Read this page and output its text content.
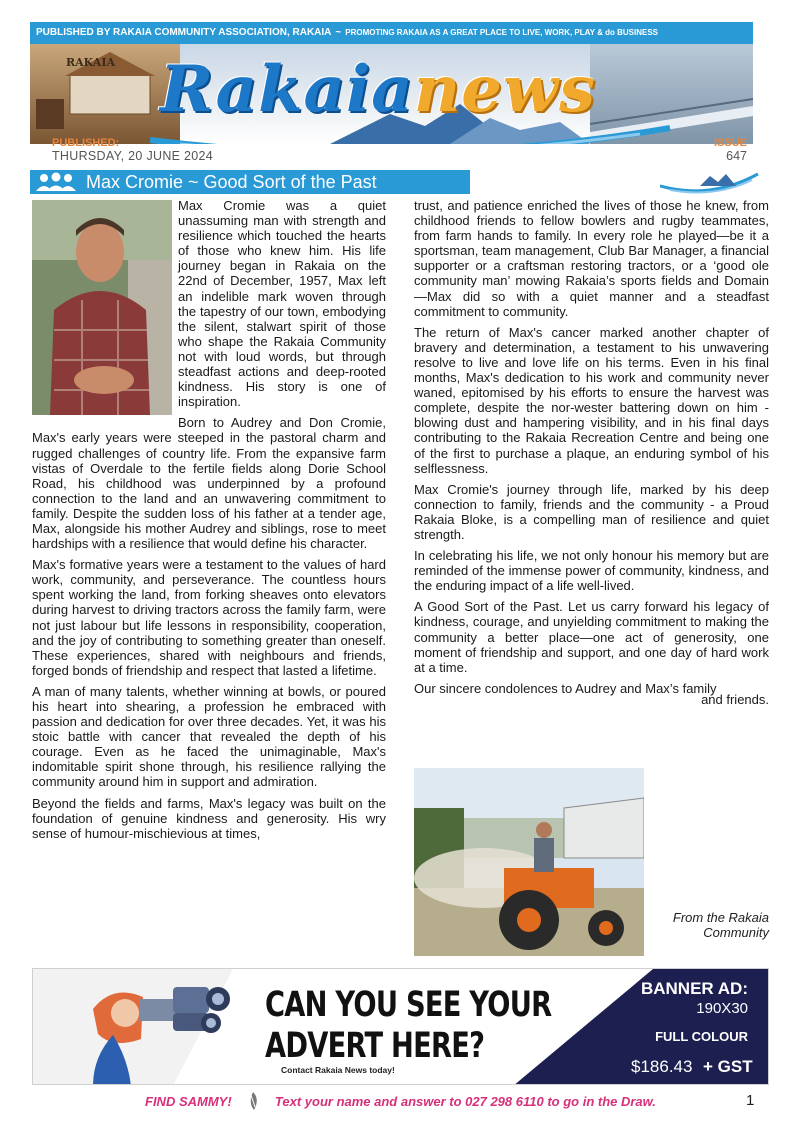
PUBLISHED BY RAKAIA COMMUNITY ASSOCIATION, RAKAIA ~ PROMOTING RAKAIA AS A GREAT PLACE TO LIVE, WORK, PLAY & do BUSINESS
RAKAIA Rakaianews
PUBLISHED:
THURSDAY, 20 JUNE 2024
ISSUE
647
Max Cromie ~ Good Sort of the Past

Max Cromie was a quiet unassuming man with strength and resilience which touched the hearts of those who knew him. His life journey began in Rakaia on the 22nd of December, 1957, Max left an indelible mark woven through the tapestry of our town, embodying the silent, stalwart spirit of those who shape the Rakaia Community not with loud words, but through steadfast actions and deep-rooted kindness. His story is one of inspiration.

Born to Audrey and Don Cromie, Max's early years were steeped in the pastoral charm and rugged challenges of country life. From the expansive farm vistas of Overdale to the fertile fields along Dorie School Road, his childhood was underpinned by a profound connection to the land and an unwavering commitment to family. Despite the sudden loss of his father at a tender age, Max, alongside his mother Audrey and siblings, rose to meet hardships with a resilience that would define his character.

Max's formative years were a testament to the values of hard work, community, and perseverance. The countless hours spent working the land, from forking sheaves onto elevators during harvest to driving tractors across the family farm, were not just labour but life lessons in responsibility, cooperation, and the joy of contributing to something greater than oneself. These experiences, shared with neighbours and friends, forged bonds of friendship and respect that lasted a lifetime.

A man of many talents, whether winning at bowls, or poured his heart into shearing, a profession he embraced with passion and dedication for over three decades. Yet, it was his stoic battle with cancer that revealed the depth of his courage. Even as he faced the unimaginable, Max's indomitable spirit shone through, his resilience rallying the community around him in support and admiration.

Beyond the fields and farms, Max's legacy was built on the foundation of genuine kindness and generosity. His wry sense of humour-mischievious at times,

trust, and patience enriched the lives of those he knew, from childhood friends to fellow bowlers and rugby teammates, from farm hands to family. In every role he played—be it a sportsman, team management, Club Bar Manager, a financial supporter or a craftsman restoring tractors, or a ‘good ole community man’ mowing Rakaia’s sports fields and Domain—Max did so with a quiet manner and a steadfast commitment to community.

The return of Max's cancer marked another chapter of bravery and determination, a testament to his unwavering resolve to live and love life on his terms. Even in his final months, Max's dedication to his work and community never waned, epitomised by his efforts to ensure the harvest was complete, despite the nor-wester battering down on him - blowing dust and hampering visibility, and in his final days contributing to the Rakaia Recreation Centre and being one of the first to purchase a plaque, an enduring symbol of his selflessness.

Max Cromie's journey through life, marked by his deep connection to family, friends and the community - a Proud Rakaia Bloke, is a compelling man of resilience and quiet strength.

In celebrating his life, we not only honour his memory but are reminded of the immense power of community, kindness, and the enduring impact of a life well-lived.

A Good Sort of the Past. Let us carry forward his legacy of kindness, courage, and unyielding commitment to making the community a better place—one act of generosity, one moment of friendship and support, and one day of hard work at a time.

Our sincere condolences to Audrey and Max’s family

and friends.

From the Rakaia Community
CAN YOU SEE YOUR
ADVERT HERE?
Contact Rakaia News today!
BANNER AD:
190X30
FULL COLOUR
$186.43 + GST
FIND SAMMY!	Text your name and answer to 027 298 6110 to go in the Draw.	1
